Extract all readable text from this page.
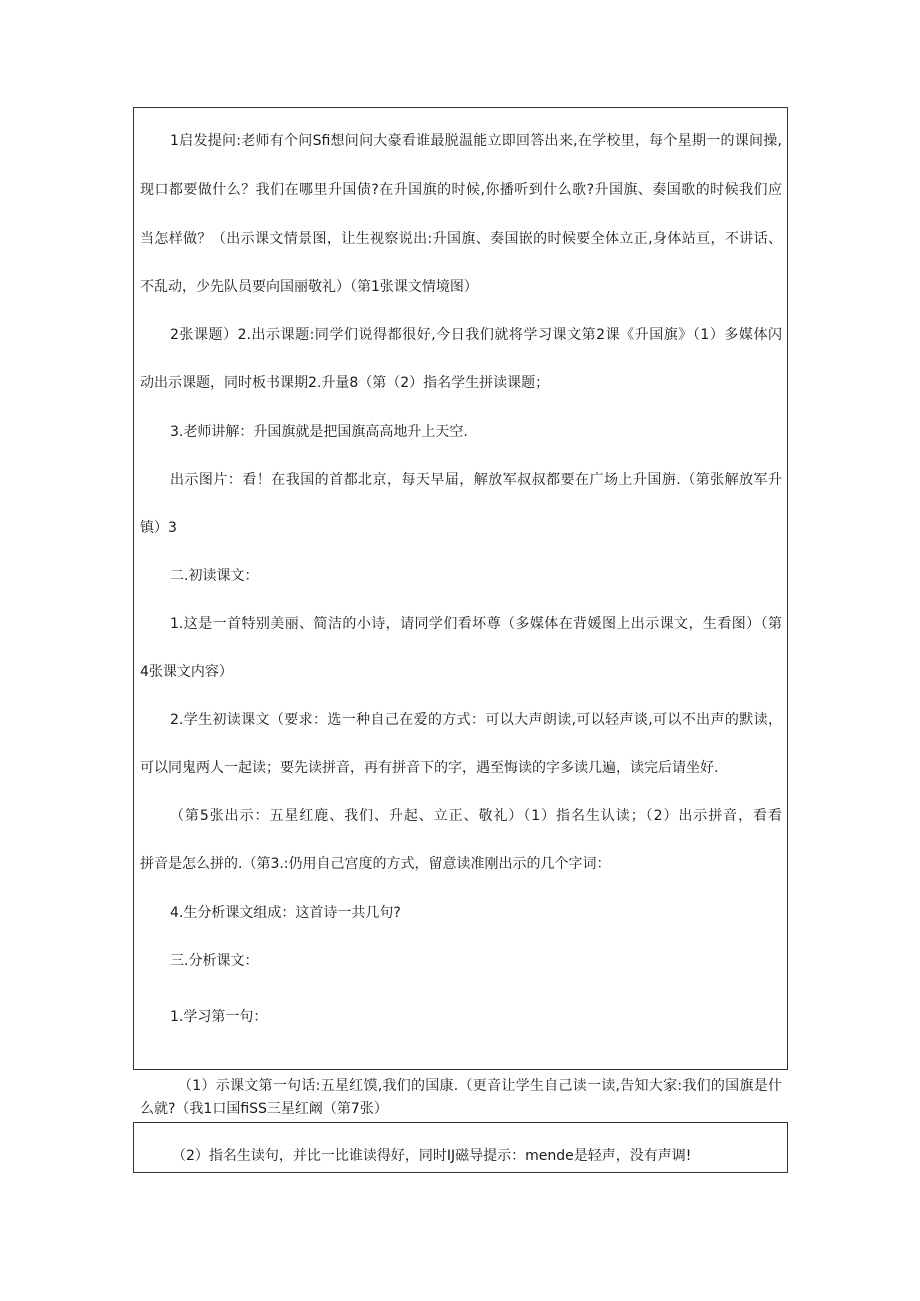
1启发提问:老师有个问Sfi想问问大豪看谁最脱温能立即回答出来,在学校里，每个星期一的课间操,
现口都要做什么？我们在哪里升国债?在升国旗的时候,你播听到什么歌?升国旗、奏国歌的时候我们应
当怎样做？（出示课文情景图，让生视察说出:升国旗、奏国嵌的时候要全体立正,身体站亘，不讲话、
不乱动，少先队员要向国丽敬礼）（第1张课文情境图）
2张课题）2.出示课题:同学们说得都很好,今日我们就将学习课文第2课《升国旗》（1）多媒体闪
动出示课题，同时板书课期2.升量8（第（2）指名学生拼读课题；
3.老师讲解：升国旗就是把国旗高高地升上天空.
出示图片：看！在我国的首都北京，每天早届，解放军叔叔都要在广场上升国旃.（第张解放军升
镇）3
二.初读课文：
1.这是一首特别美丽、简洁的小诗，请同学们看坏尊（多媒体在背媛图上出示课文，生看图）（第
4张课文内容）
2.学生初读课文（要求：选一种自己在爱的方式：可以大声朗读,可以轻声谈,可以不出声的默读，
可以同鬼两人一起读；要先读拼音，再有拼音下的字，遇至悔读的字多读几遍，读完后请坐好.
（第5张出示：五星红鹿、我们、升起、立正、敬礼）（1）指名生认读；（2）出示拼音，看看
拼音是怎么拼的.（第3.:仍用自己宫度的方式，留意读准刚出示的几个字词：
4.生分析课文组成：这首诗一共几句?
三.分析课文：
1.学习第一句：
（1）示课文第一句话:五星红馍,我们的国康.（更音让学生自己读一读,告知大家:我们的国旗是什
么就?（我1口国fiSS三星红阚（第7张）
（2）指名生读句，并比一比谁读得好，同时IJ磁导提示：mende是轻声，没有声调!
